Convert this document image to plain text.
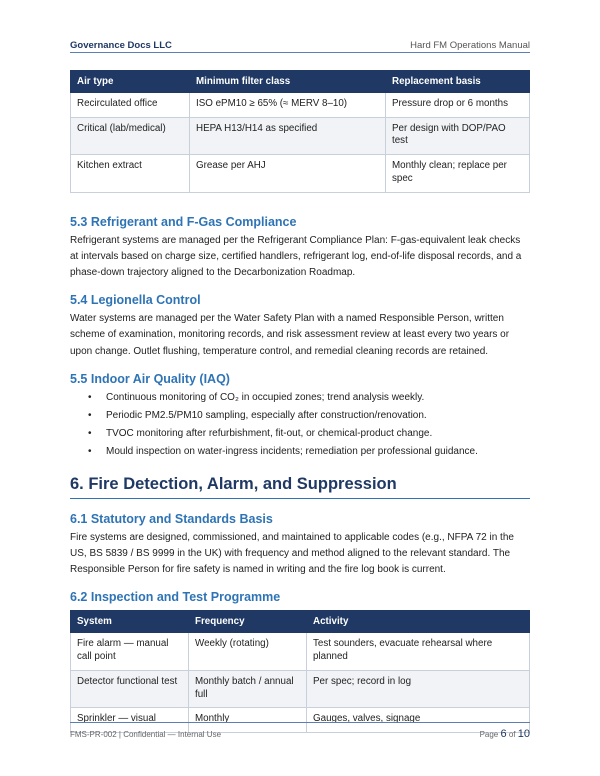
Governance Docs LLC	Hard FM Operations Manual
Air type	Minimum filter class	Replacement basis
Recirculated office	ISO ePM10 ≥ 65% (≈ MERV 8–10)	Pressure drop or 6 months
Critical (lab/medical)	HEPA H13/H14 as specified	Per design with DOP/PAO test
Kitchen extract	Grease per AHJ	Monthly clean; replace per spec
5.3 Refrigerant and F-Gas Compliance

Refrigerant systems are managed per the Refrigerant Compliance Plan: F-gas-equivalent leak checks at intervals based on charge size, certified handlers, refrigerant log, end-of-life disposal records, and a phase-down trajectory aligned to the Decarbonization Roadmap.

5.4 Legionella Control

Water systems are managed per the Water Safety Plan with a named Responsible Person, written scheme of examination, monitoring records, and risk assessment review at least every two years or upon change. Outlet flushing, temperature control, and remedial cleaning records are retained.

5.5 Indoor Air Quality (IAQ)
• Continuous monitoring of CO₂ in occupied zones; trend analysis weekly.
• Periodic PM2.5/PM10 sampling, especially after construction/renovation.
• TVOC monitoring after refurbishment, fit-out, or chemical-product change.
• Mould inspection on water-ingress incidents; remediation per professional guidance.
6. Fire Detection, Alarm, and Suppression
6.1 Statutory and Standards Basis

Fire systems are designed, commissioned, and maintained to applicable codes (e.g., NFPA 72 in the US, BS 5839 / BS 9999 in the UK) with frequency and method aligned to the relevant standard. The Responsible Person for fire safety is named in writing and the fire log book is current.

6.2 Inspection and Test Programme
System	Frequency	Activity
Fire alarm — manual call point	Weekly (rotating)	Test sounders, evacuate rehearsal where planned
Detector functional test	Monthly batch / annual full	Per spec; record in log
Sprinkler — visual	Monthly	Gauges, valves, signage
FMS-PR-002 | Confidential — Internal Use	Page 6 of 10
